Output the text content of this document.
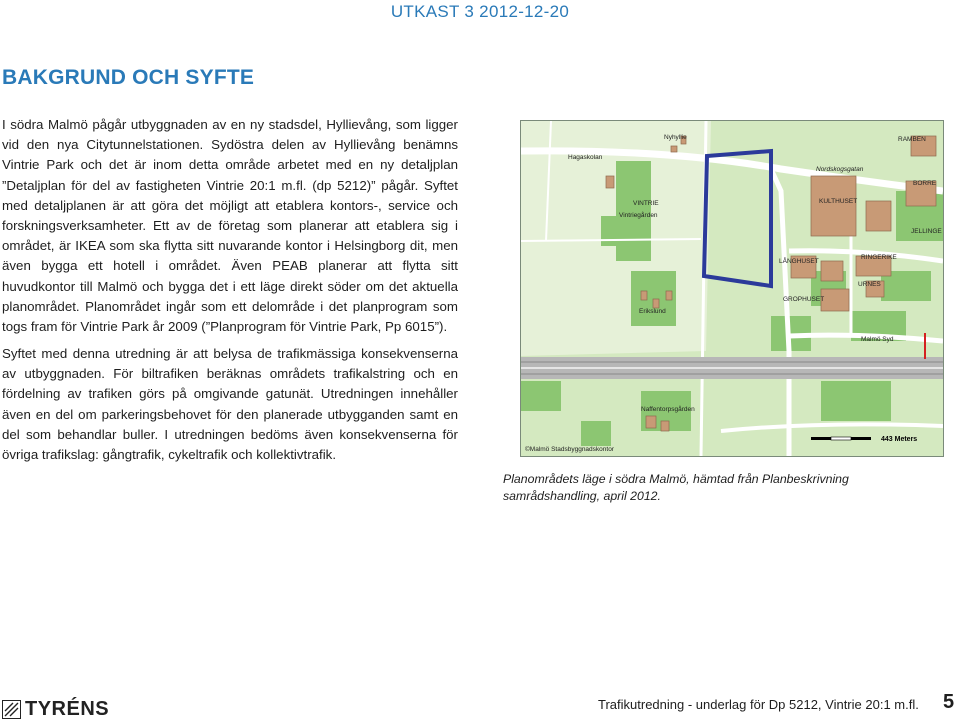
UTKAST 3 2012-12-20
BAKGRUND OCH SYFTE

I södra Malmö pågår utbyggnaden av en ny stadsdel, Hyllievång, som ligger vid den nya Citytunnelstationen. Sydöstra delen av Hyllievång benämns Vintrie Park och det är inom detta område arbetet med en ny detaljplan ”Detaljplan för del av fastigheten Vintrie 20:1 m.fl. (dp 5212)” pågår. Syftet med detaljplanen är att göra det möjligt att etablera kontors-, service och forskningsverksamheter. Ett av de företag som planerar att etablera sig i området, är IKEA som ska flytta sitt nuvarande kontor i Helsingborg dit, men även bygga ett hotell i området. Även PEAB planerar att flytta sitt huvudkontor till Malmö och bygga det i ett läge direkt söder om det aktuella planområdet. Planområdet ingår som ett delområde i det planprogram som togs fram för Vintrie Park år 2009 (”Planprogram för Vintrie Park, Pp 6015”).

Syftet med denna utredning är att belysa de trafikmässiga konsekvenserna av utbyggnaden. För biltrafiken beräknas områdets trafikalstring och en fördelning av trafiken görs på omgivande gatunät. Utredningen innehåller även en del om parkeringsbehovet för den planerade utbygganden samt en del som behandlar buller. I utredningen bedöms även konsekvenserna för övriga trafikslag: gångtrafik, cykeltrafik och kollektivtrafik.

Nyhyllie	RAMBEN
Hagaskolan
Nordskogsgatan
VINTRIE
Vintriegården
KULTHUSET
BORRE
JELLINGE
LÅNGHUSET
RINGERIKE
URNES
GROPHUSET
Erikslund
Malmö Syd
Naffentorpsgården
©Malmö Stadsbyggnadskontor
443 Meters

Planområdets läge i södra Malmö, hämtad från Planbeskrivning samrådshandling, april 2012.

TYRÉNS	Trafikutredning - underlag för Dp 5212, Vintrie 20:1 m.fl. 5
